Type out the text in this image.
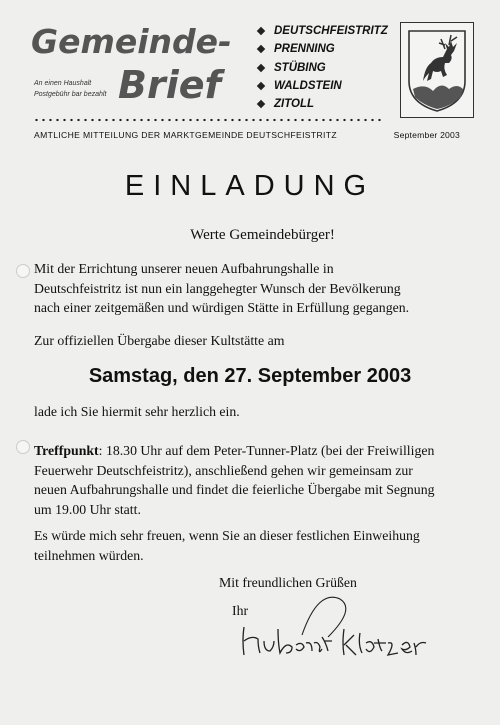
Gemeinde-
Brief
An einen Haushalt
Postgebühr bar bezahlt
DEUTSCHFEISTRITZ
PRENNING
STÜBING
WALDSTEIN
ZITOLL
AMTLICHE MITTEILUNG DER MARKTGEMEINDE DEUTSCHFEISTRITZ	September 2003
EINLADUNG
Werte Gemeindebürger!

Mit der Errichtung unserer neuen Aufbahrungshalle in
Deutschfeistritz ist nun ein langgehegter Wunsch der Bevölkerung
nach einer zeitgemäßen und würdigen Stätte in Erfüllung gegangen.

Zur offiziellen Übergabe dieser Kultstätte am

Samstag, den 27. September 2003

lade ich Sie hiermit sehr herzlich ein.

Treffpunkt: 18.30 Uhr auf dem Peter-Tunner-Platz (bei der Freiwilligen
Feuerwehr Deutschfeistritz), anschließend gehen wir gemeinsam zur
neuen Aufbahrungshalle und findet die feierliche Übergabe mit Segnung
um 19.00 Uhr statt.

Es würde mich sehr freuen, wenn Sie an dieser festlichen Einweihung
teilnehmen würden.

Mit freundlichen Grüßen
Ihr
